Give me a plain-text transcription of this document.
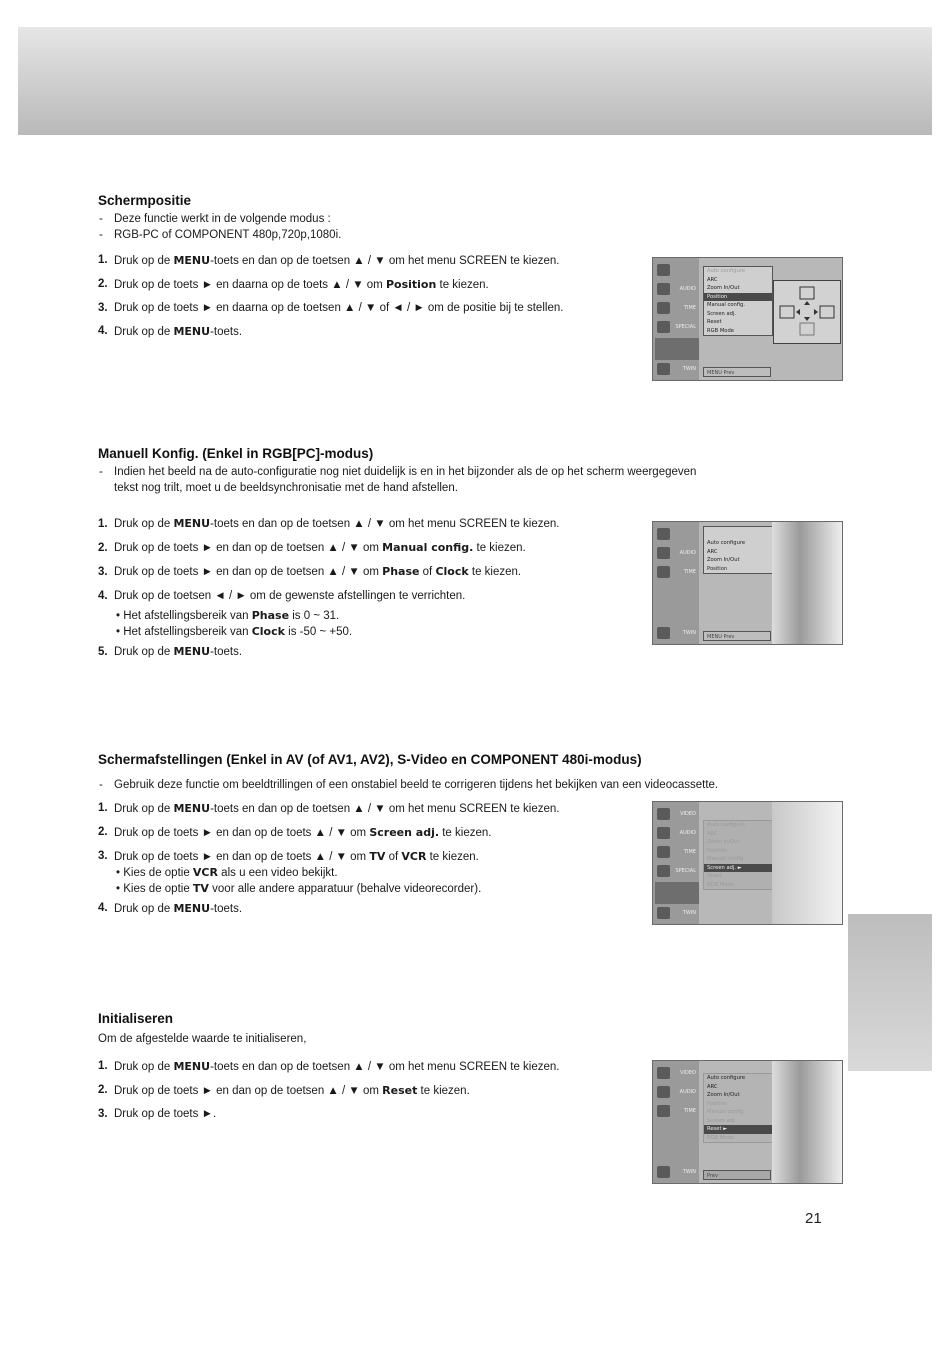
Schermpositie
- Deze functie werkt in de volgende modus :
- RGB-PC of COMPONENT 480p,720p,1080i.
1. Druk op de MENU-toets en dan op de toetsen ▲ / ▼ om het menu SCREEN te kiezen.
2. Druk op de toets ► en daarna op de toets ▲ / ▼ om Position te kiezen.
3. Druk op de toets ► en daarna op de toetsen ▲ / ▼ of ◄ / ► om de positie bij te stellen.
4. Druk op de MENU-toets.
AUDIO
TIME
SPECIAL
TWIN
Auto configure
ARC
Zoom In/Out
Position
Manual config.
Screen adj.
Reset
RGB Mode
MENU Prev
Manuell Konfig. (Enkel in RGB[PC]-modus)
- Indien het beeld na de auto-configuratie nog niet duidelijk is en in het bijzonder als de op het scherm weergegeven tekst nog trilt, moet u de beeldsynchronisatie met de hand afstellen.
1. Druk op de MENU-toets en dan op de toetsen ▲ / ▼ om het menu SCREEN te kiezen.
2. Druk op de toets ► en dan op de toetsen ▲ / ▼ om Manual config. te kiezen.
3. Druk op de toets ► en dan op de toetsen ▲ / ▼ om Phase of Clock te kiezen.
4. Druk op de toetsen ◄ / ► om de gewenste afstellingen te verrichten.
• Het afstellingsbereik van Phase is 0 ~ 31.
• Het afstellingsbereik van Clock is -50 ~ +50.
5. Druk op de MENU-toets.
AUDIO
TIME
TWIN
Auto configure
ARC
Zoom In/Out
Position
MENU Prev
Schermafstellingen (Enkel in AV (of AV1, AV2), S-Video en COMPONENT 480i-modus)
- Gebruik deze functie om beeldtrillingen of een onstabiel beeld te corrigeren tijdens het bekijken van een videocassette.
1. Druk op de MENU-toets en dan op de toetsen ▲ / ▼ om het menu SCREEN te kiezen.
2. Druk op de toets ► en dan op de toets ▲ / ▼ om Screen adj. te kiezen.
3. Druk op de toets ► en dan op de toets ▲ / ▼ om TV of VCR te kiezen.
• Kies de optie VCR als u een video bekijkt.
• Kies de optie TV voor alle andere apparatuur (behalve videorecorder).
4. Druk op de MENU-toets.
VIDEO
AUDIO
TIME
SPECIAL
TWIN
Auto configure
ARC
Zoom In/Out
Position
Manual config.
Screen adj. ►
Reset
RGB Mode
Initialiseren
Om de afgestelde waarde te initialiseren,
1. Druk op de MENU-toets en dan op de toetsen ▲ / ▼ om het menu SCREEN te kiezen.
2. Druk op de toets ► en dan op de toetsen ▲ / ▼ om Reset te kiezen.
3. Druk op de toets ►.
VIDEO
AUDIO
TIME
TWIN
Auto configure
ARC
Zoom In/Out
Position
Manual config.
Screen adj.
Reset ►
RGB Mode
Prev
21
